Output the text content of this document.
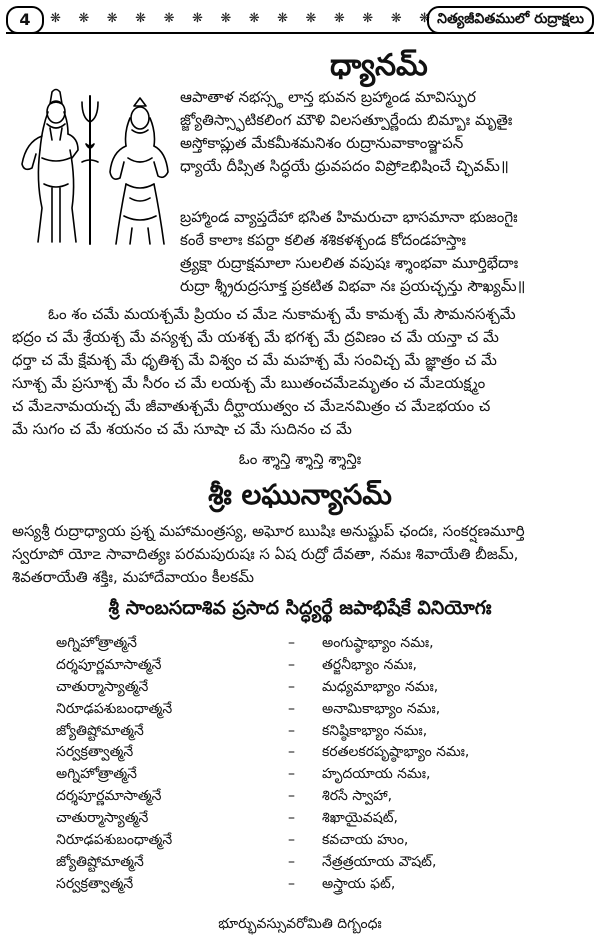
4	❋ ❋ ❋ ❋ ❋ ❋ ❋ ❋ ❋ ❋ ❋ ❋ ❋ ❋ నిత్యజీవితములో రుద్రాక్షలు
ధ్యానమ్
ఆపాతాళ నభస్స్థ లాన్త భువన బ్రహ్మాండ మావిస్ఫుర
జ్జ్యోతిస్స్ఫాటికలింగ మౌళి విలసత్పూర్ణేందు బిమ్బాః మృతైః
అస్తోకాప్లుత మేకమీశమనిశం రుద్రానువాకాంఞ్జపన్
ధ్యాయే దీప్సిత సిద్ధయే ధ్రువపదం విప్రో౽భిషించే చ్ఛివమ్॥
బ్రహ్మాండ వ్యాప్తదేహా భసిత హిమరుచా భాసమానా భుజంగైః
కంఠే కాలాః కపర్దా కలిత శశికళశ్చండ కోదండహస్తాః
త్ర్యక్షా రుద్రాక్షమాలా సులలిత వపుషః శ్శాంభవా మూర్తిభేదాః
రుద్రా శ్శ్రీరుద్రసూక్త ప్రకటిత విభవా నః ప్రయచ్ఛన్తు సౌఖ్యమ్॥
ఓం శం చమే మయశ్చమే ప్రియం చ మే౽ నుకామశ్చ మే కామశ్చ మే సౌమనసశ్చమే
భద్రం చ మే శ్రేయశ్చ మే వస్యశ్చ మే యశశ్చ మే భగశ్చ మే ద్రవిణం చ మే యన్తా చ మే
ధర్తా చ మే క్షేమశ్చ మే ధృతిశ్చ మే విశ్వం చ మే మహశ్చ మే సంవిచ్చ మే జ్ఞాత్రం చ మే
సూశ్చ మే ప్రసూశ్చ మే సీరం చ మే లయశ్చ మే ఋతంచమే౽మృతం చ మే౽యక్ష్మం
చ మే౽నామయచ్చ మే జీవాతుశ్చమే దీర్ఘాయుత్వం చ మే౽నమిత్రం చ మే౽భయం చ
మే సుగం చ మే శయనం చ మే సూషా చ మే సుదినం చ మే
ఓం శ్శాన్తి శ్శాన్తి శ్శాన్తిః
శ్రీః లఘున్యాసమ్
అస్యశ్రీ రుద్రాధ్యాయ ప్రశ్న మహామంత్రస్య, అఘోర ఋషిః అనుష్టుప్ ఛందః, సంకర్షణమూర్తి
స్వరూపో యో౽ సావాదిత్యః పరమపురుషః స ఏష రుద్రో దేవతా, నమః శివాయేతి బీజమ్,
శివతరాయేతి శక్తిః, మహాదేవాయం కీలకమ్
శ్రీ సాంబసదాశివ ప్రసాద సిద్ధ్యర్థే జపాభిషేకే వినియోగః
అగ్నిహోత్రాత్మనే	– అంగుష్ఠాభ్యాం నమః,
దర్శపూర్ణమాసాత్మనే	– తర్జనీభ్యాం నమః,
చాతుర్మాస్యాత్మనే	– మధ్యమాభ్యాం నమః,
నిరూఢపశుబంధాత్మనే	– అనామికాభ్యాం నమః,
జ్యోతిష్టోమాత్మనే	– కనిష్ఠికాభ్యాం నమః,
సర్వక్రత్వాత్మనే	– కరతలకరపృష్ఠాభ్యాం నమః,
అగ్నిహోత్రాత్మనే	– హృదయాయ నమః,
దర్శపూర్ణమాసాత్మనే	– శిరసే స్వాహా,
చాతుర్మాస్యాత్మనే	– శిఖాయైవషట్,
నిరూఢపశుబంధాత్మనే	– కవచాయ హుం,
జ్యోతిష్టోమాత్మనే	– నేత్రత్రయాయ వౌషట్,
సర్వక్రత్వాత్మనే	– అస్త్రాయ ఫట్,
భూర్భువస్సువరోమితి దిగ్బంధః
